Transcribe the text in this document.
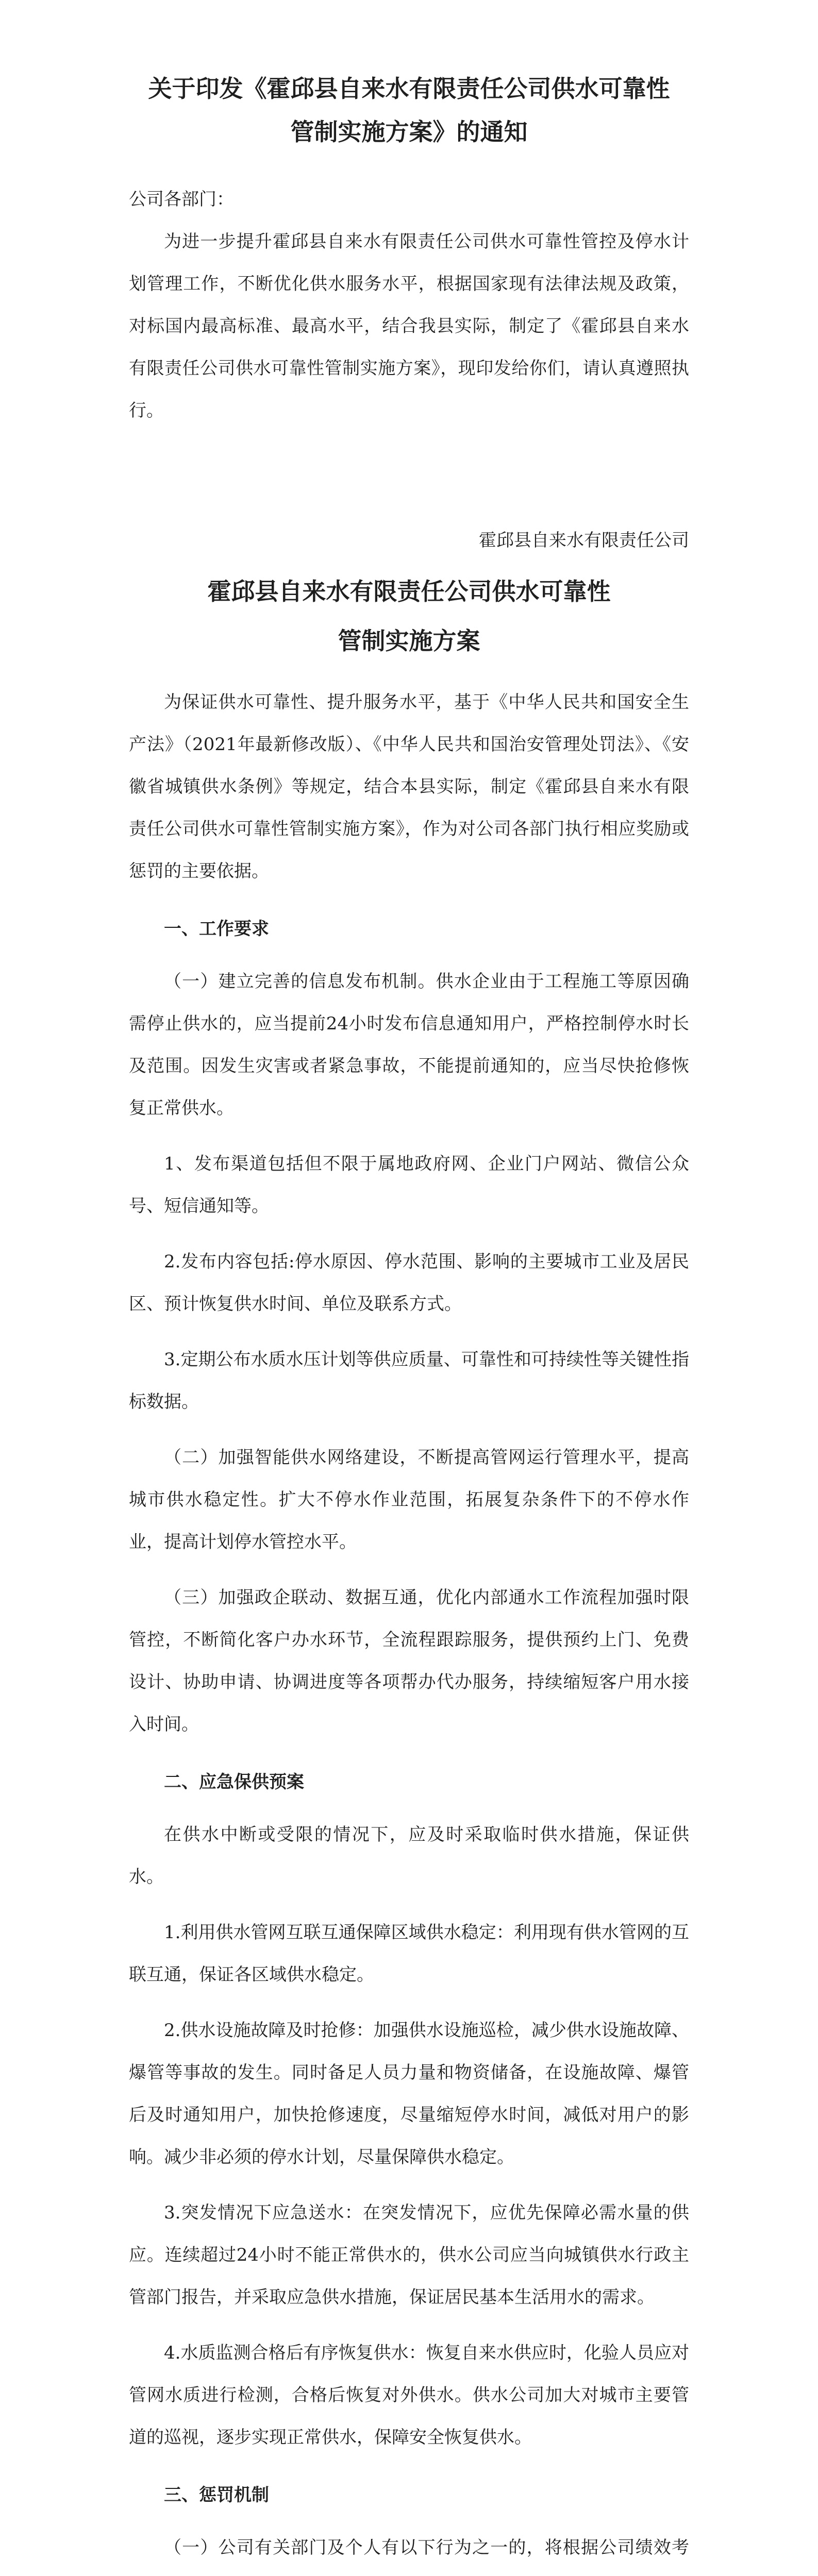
关于印发《霍邱县自来水有限责任公司供水可靠性
管制实施方案》的通知

公司各部门：

为进一步提升霍邱县自来水有限责任公司供水可靠性管控及停水计划管理工作，不断优化供水服务水平，根据国家现有法律法规及政策，对标国内最高标准、最高水平，结合我县实际，制定了《霍邱县自来水有限责任公司供水可靠性管制实施方案》，现印发给你们，请认真遵照执行。

霍邱县自来水有限责任公司
霍邱县自来水有限责任公司供水可靠性
管制实施方案

为保证供水可靠性、提升服务水平，基于《中华人民共和国安全生产法》（2021年最新修改版）、《中华人民共和国治安管理处罚法》、《安徽省城镇供水条例》等规定，结合本县实际，制定《霍邱县自来水有限责任公司供水可靠性管制实施方案》，作为对公司各部门执行相应奖励或惩罚的主要依据。

一、工作要求

（一）建立完善的信息发布机制。供水企业由于工程施工等原因确需停止供水的，应当提前24小时发布信息通知用户，严格控制停水时长及范围。因发生灾害或者紧急事故，不能提前通知的，应当尽快抢修恢复正常供水。

1、发布渠道包括但不限于属地政府网、企业门户网站、微信公众号、短信通知等。

2.发布内容包括:停水原因、停水范围、影响的主要城市工业及居民区、预计恢复供水时间、单位及联系方式。

3.定期公布水质水压计划等供应质量、可靠性和可持续性等关键性指标数据。

（二）加强智能供水网络建设，不断提高管网运行管理水平，提高城市供水稳定性。扩大不停水作业范围，拓展复杂条件下的不停水作业，提高计划停水管控水平。

（三）加强政企联动、数据互通，优化内部通水工作流程加强时限管控，不断简化客户办水环节，全流程跟踪服务，提供预约上门、免费设计、协助申请、协调进度等各项帮办代办服务，持续缩短客户用水接入时间。

二、应急保供预案

在供水中断或受限的情况下，应及时采取临时供水措施，保证供水。

1.利用供水管网互联互通保障区域供水稳定：利用现有供水管网的互联互通，保证各区域供水稳定。

2.供水设施故障及时抢修：加强供水设施巡检，减少供水设施故障、爆管等事故的发生。同时备足人员力量和物资储备，在设施故障、爆管后及时通知用户，加快抢修速度，尽量缩短停水时间，减低对用户的影响。减少非必须的停水计划，尽量保障供水稳定。

3.突发情况下应急送水：在突发情况下，应优先保障必需水量的供应。连续超过24小时不能正常供水的，供水公司应当向城镇供水行政主管部门报告，并采取应急供水措施，保证居民基本生活用水的需求。

4.水质监测合格后有序恢复供水：恢复自来水供应时，化验人员应对管网水质进行检测，合格后恢复对外供水。供水公司加大对城市主要管道的巡视，逐步实现正常供水，保障安全恢复供水。

三、惩罚机制

（一）公司有关部门及个人有以下行为之一的，将根据公司绩效考
